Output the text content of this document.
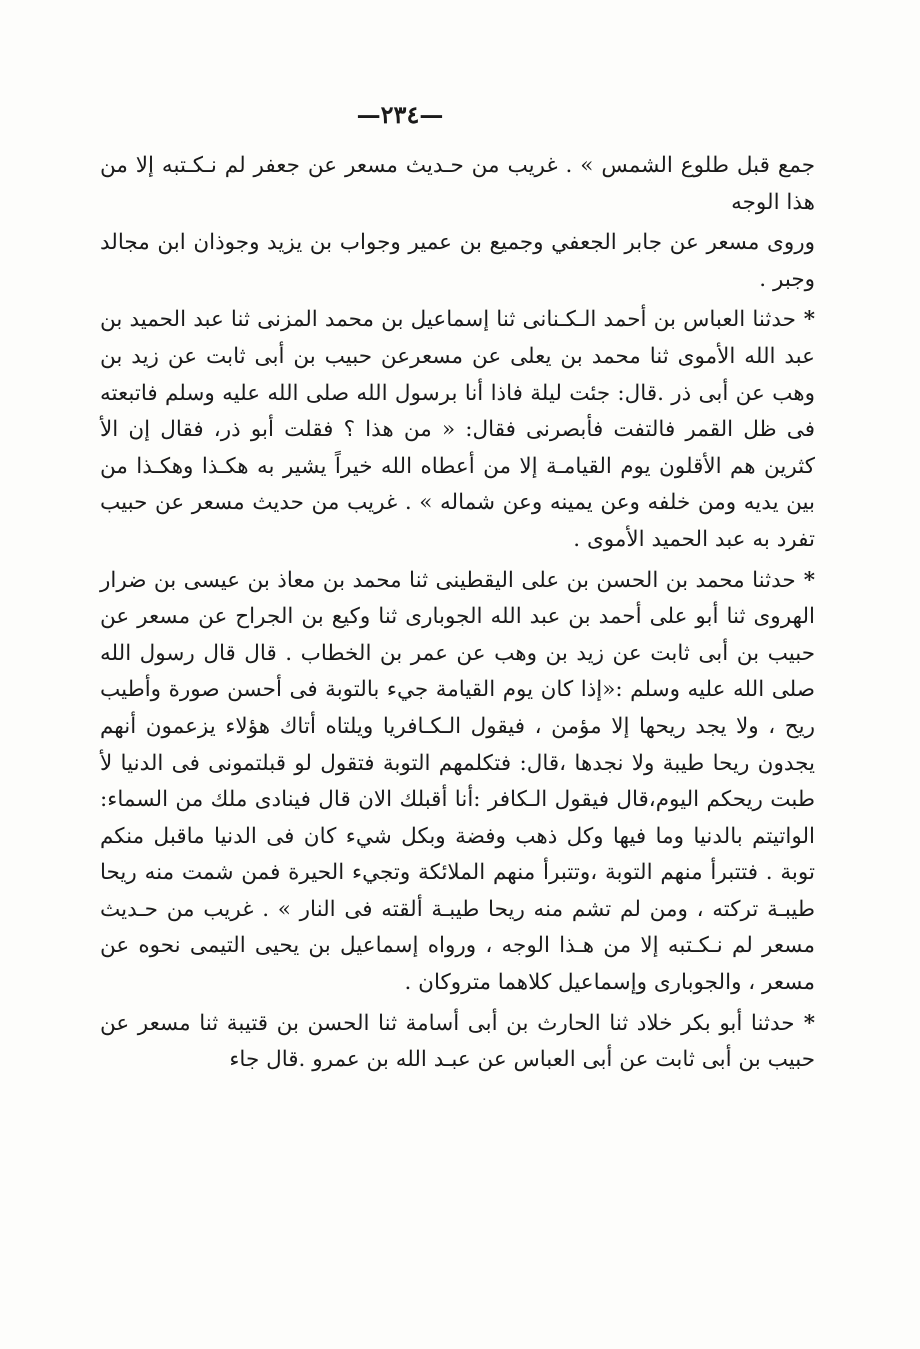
—٢٣٤—

جمع قبل طلوع الشمس » . غريب من حـديث مسعر عن جعفر لم نـكـتبه إلا من هذا الوجه

وروى مسعر عن جابر الجعفي وجميع بن عمير وجواب بن يزيد وجوذان ابن مجالد وجبر .

* حدثنا العباس بن أحمد الـكـنانى ثنا إسماعيل بن محمد المزنى ثنا عبد الحميد بن عبد الله الأموى ثنا محمد بن يعلى عن مسعرعن حبيب بن أبى ثابت عن زيد بن وهب عن أبى ذر .قال: جئت ليلة فاذا أنا برسول الله صلى الله عليه وسلم فاتبعته فى ظل القمر فالتفت فأبصرنى فقال: « من هذا ؟ فقلت أبو ذر، فقال إن الأ كثرين هم الأقلون يوم القيامـة إلا من أعطاه الله خيراً يشير به هكـذا وهكـذا من بين يديه ومن خلفه وعن يمينه وعن شماله » . غريب من حديث مسعر عن حبيب تفرد به عبد الحميد الأموى .

* حدثنا محمد بن الحسن بن على اليقطينى ثنا محمد بن معاذ بن عيسى بن ضرار الهروى ثنا أبو على أحمد بن عبد الله الجوبارى ثنا وكيع بن الجراح عن مسعر عن حبيب بن أبى ثابت عن زيد بن وهب عن عمر بن الخطاب . قال قال رسول الله صلى الله عليه وسلم :«إذا كان يوم القيامة جيء بالتوبة فى أحسن صورة وأطيب ريح ، ولا يجد ريحها إلا مؤمن ، فيقول الـكـافريا ويلتاه أتاك هؤلاء يزعمون أنهم يجدون ريحا طيبة ولا نجدها ،قال: فتكلمهم التوبة فتقول لو قبلتمونى فى الدنيا لأ طبت ريحكم اليوم،قال فيقول الـكافر :أنا أقبلك الان قال فينادى ملك من السماء: الواتيتم بالدنيا وما فيها وكل ذهب وفضة وبكل شيء كان فى الدنيا ماقبل منكم توبة . فتتبرأ منهم التوبة ،وتتبرأ منهم الملائكة وتجيء الحيرة فمن شمت منه ريحا طيبـة تركته ، ومن لم تشم منه ريحا طيبـة ألقته فى النار » . غريب من حـديث مسعر لم نـكـتبه إلا من هـذا الوجه ، ورواه إسماعيل بن يحيى التيمى نحوه عن مسعر ، والجوبارى وإسماعيل كلاهما متروكان .

* حدثنا أبو بكر خلاد ثنا الحارث بن أبى أسامة ثنا الحسن بن قتيبة ثنا مسعر عن حبيب بن أبى ثابت عن أبى العباس عن عبـد الله بن عمرو .قال جاء
